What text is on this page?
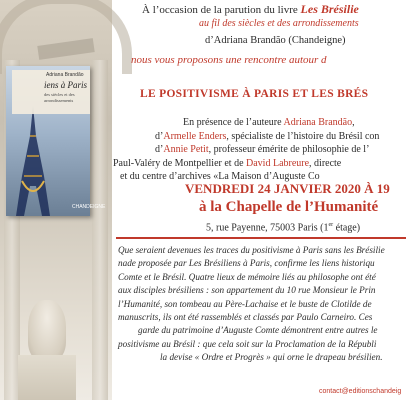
Adriana Brandão
iens à Paris
des siècles et des arrondissements
CHANDEIGNE
À l’occasion de la parution du livre Les Brésilie
au fil des siècles et des arrondissements
d’Adriana Brandão (Chandeigne)
nous vous proposons une rencontre autour d
LE POSITIVISME À PARIS ET LES BRÉS
En présence de l’auteure Adriana Brandão,
d’Armelle Enders, spécialiste de l’histoire du Brésil con
d’Annie Petit, professeur émérite de philosophie de l’
Paul-Valéry de Montpellier et de David Labreure, directe
et du centre d’archives «La Maison d’Auguste Co
VENDREDI 24 JANVIER 2020 À 19
à la Chapelle de l’Humanité
5, rue Payenne, 75003 Paris (1er étage)
Que seraient devenues les traces du positivisme à Paris sans les Brésilie
nade proposée par Les Brésiliens à Paris, confirme les liens historiqu
Comte et le Brésil. Quatre lieux de mémoire liés au philosophe ont été
aux disciples brésiliens : son appartement du 10 rue Monsieur le Prin
l’Humanité, son tombeau au Père-Lachaise et le buste de Clotilde de
manuscrits, ils ont été rassemblés et classés par Paulo Carneiro. Ces
garde du patrimoine d’Auguste Comte démontrent entre autres le
positivisme au Brésil : que cela soit sur la Proclamation de la Républi
la devise « Ordre et Progrès » qui orne le drapeau brésilien.
contact@editionschandeig
